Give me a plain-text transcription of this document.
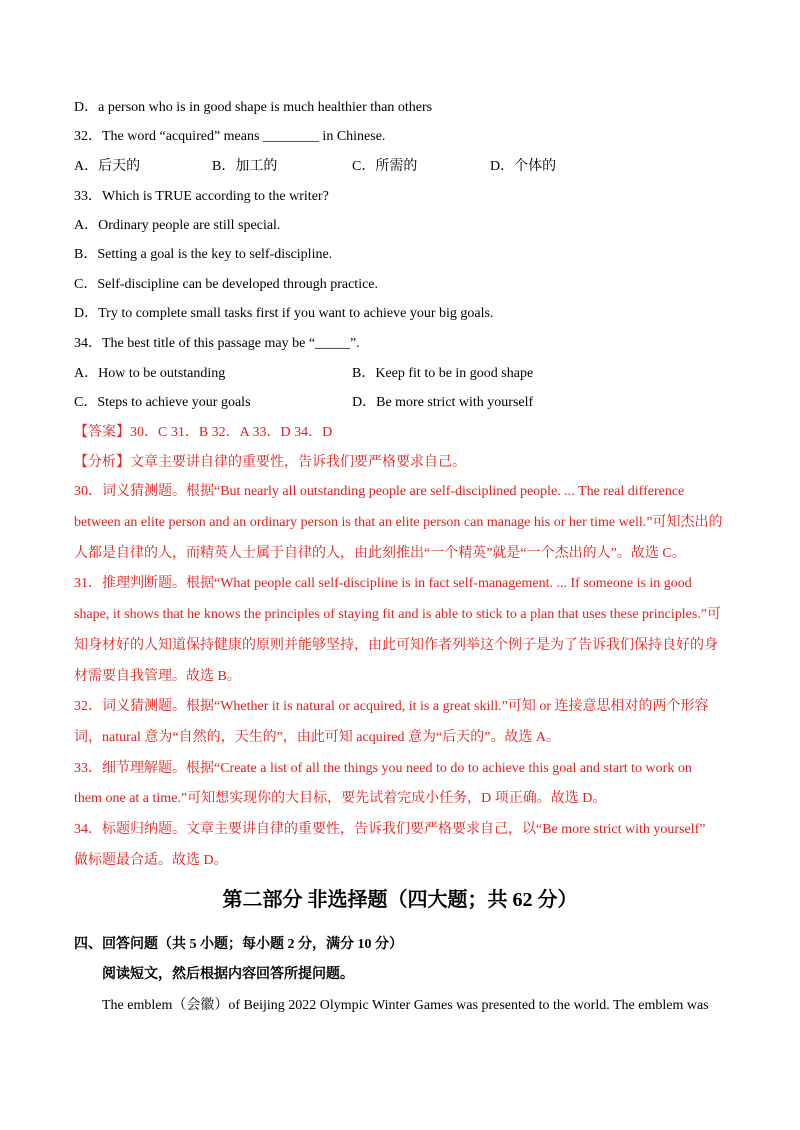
D．a person who is in good shape is much healthier than others
32．The word “acquired” means ________ in Chinese.
A．后天的	B．加工的	C．所需的	D．个体的
33．Which is TRUE according to the writer?
A．Ordinary people are still special.
B．Setting a goal is the key to self-discipline.
C．Self-discipline can be developed through practice.
D．Try to complete small tasks first if you want to achieve your big goals.
34．The best title of this passage may be “_____”.
A．How to be outstanding	B．Keep fit to be in good shape
C．Steps to achieve your goals	D．Be more strict with yourself
【答案】30．C 31．B 32．A 33．D 34．D
【分析】文章主要讲自律的重要性，告诉我们要严格要求自己。
30．词义猜测题。根据“But nearly all outstanding people are self-disciplined people. ... The real difference
between an elite person and an ordinary person is that an elite person can manage his or her time well.”可知杰出的
人都是自律的人，而精英人士属于自律的人，由此刻推出“一个精英”就是“一个杰出的人”。故选 C。
31．推理判断题。根据“What people call self-discipline is in fact self-management. ... If someone is in good
shape, it shows that he knows the principles of staying fit and is able to stick to a plan that uses these principles.”可
知身材好的人知道保持健康的原则并能够坚持，由此可知作者列举这个例子是为了告诉我们保持良好的身
材需要自我管理。故选 B。
32．词义猜测题。根据“Whether it is natural or acquired, it is a great skill.”可知 or 连接意思相对的两个形容
词，natural 意为“自然的，天生的”，由此可知 acquired 意为“后天的”。故选 A。
33．细节理解题。根据“Create a list of all the things you need to do to achieve this goal and start to work on
them one at a time.”可知想实现你的大目标，要先试着完成小任务，D 项正确。故选 D。
34．标题归纳题。文章主要讲自律的重要性，告诉我们要严格要求自己，以“Be more strict with yourself”
做标题最合适。故选 D。
第二部分 非选择题（四大题；共 62 分）
四、回答问题（共 5 小题；每小题 2 分，满分 10 分）
阅读短文，然后根据内容回答所提问题。
The emblem（会徽）of Beijing 2022 Olympic Winter Games was presented to the world. The emblem was
